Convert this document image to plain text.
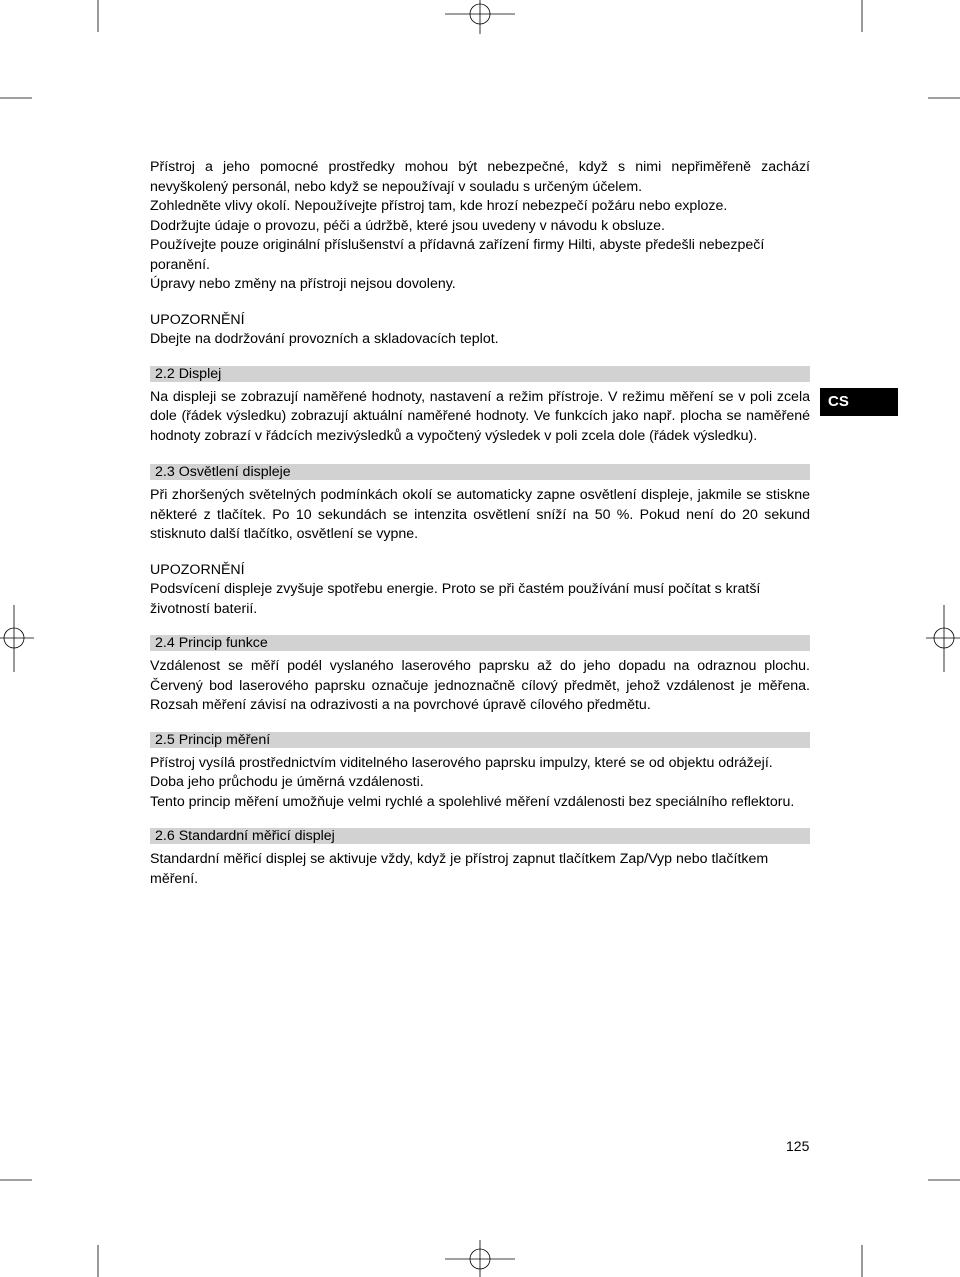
Přístroj a jeho pomocné prostředky mohou být nebezpečné, když s nimi nepřiměřeně zachází nevyškolený personál, nebo když se nepoužívají v souladu s určeným účelem.

Zohledněte vlivy okolí. Nepoužívejte přístroj tam, kde hrozí nebezpečí požáru nebo exploze.

Dodržujte údaje o provozu, péči a údržbě, které jsou uvedeny v návodu k obsluze.

Používejte pouze originální příslušenství a přídavná zařízení firmy Hilti, abyste předešli nebezpečí poranění.

Úpravy nebo změny na přístroji nejsou dovoleny.

UPOZORNĚNÍ

Dbejte na dodržování provozních a skladovacích teplot.

2.2 Displej

Na displeji se zobrazují naměřené hodnoty, nastavení a režim přístroje. V režimu měření se v poli zcela dole (řádek výsledku) zobrazují aktuální naměřené hodnoty. Ve funkcích jako např. plocha se naměřené hodnoty zobrazí v řádcích mezivýsledků a vypočtený výsledek v poli zcela dole (řádek výsledku).

2.3 Osvětlení displeje

Při zhoršených světelných podmínkách okolí se automaticky zapne osvětlení displeje, jakmile se stiskne některé z tlačítek. Po 10 sekundách se intenzita osvětlení sníží na 50 %. Pokud není do 20 sekund stisknuto další tlačítko, osvětlení se vypne.

UPOZORNĚNÍ

Podsvícení displeje zvyšuje spotřebu energie. Proto se při častém používání musí počítat s kratší životností baterií.

2.4 Princip funkce

Vzdálenost se měří podél vyslaného laserového paprsku až do jeho dopadu na odraznou plochu. Červený bod laserového paprsku označuje jednoznačně cílový předmět, jehož vzdálenost je měřena. Rozsah měření závisí na odrazivosti a na povrchové úpravě cílového předmětu.

2.5 Princip měření

Přístroj vysílá prostřednictvím viditelného laserového paprsku impulzy, které se od objektu odrážejí.

Doba jeho průchodu je úměrná vzdálenosti.

Tento princip měření umožňuje velmi rychlé a spolehlivé měření vzdálenosti bez speciálního reflektoru.

2.6 Standardní měřicí displej

Standardní měřicí displej se aktivuje vždy, když je přístroj zapnut tlačítkem Zap/Vyp nebo tlačítkem měření.

CS
125
